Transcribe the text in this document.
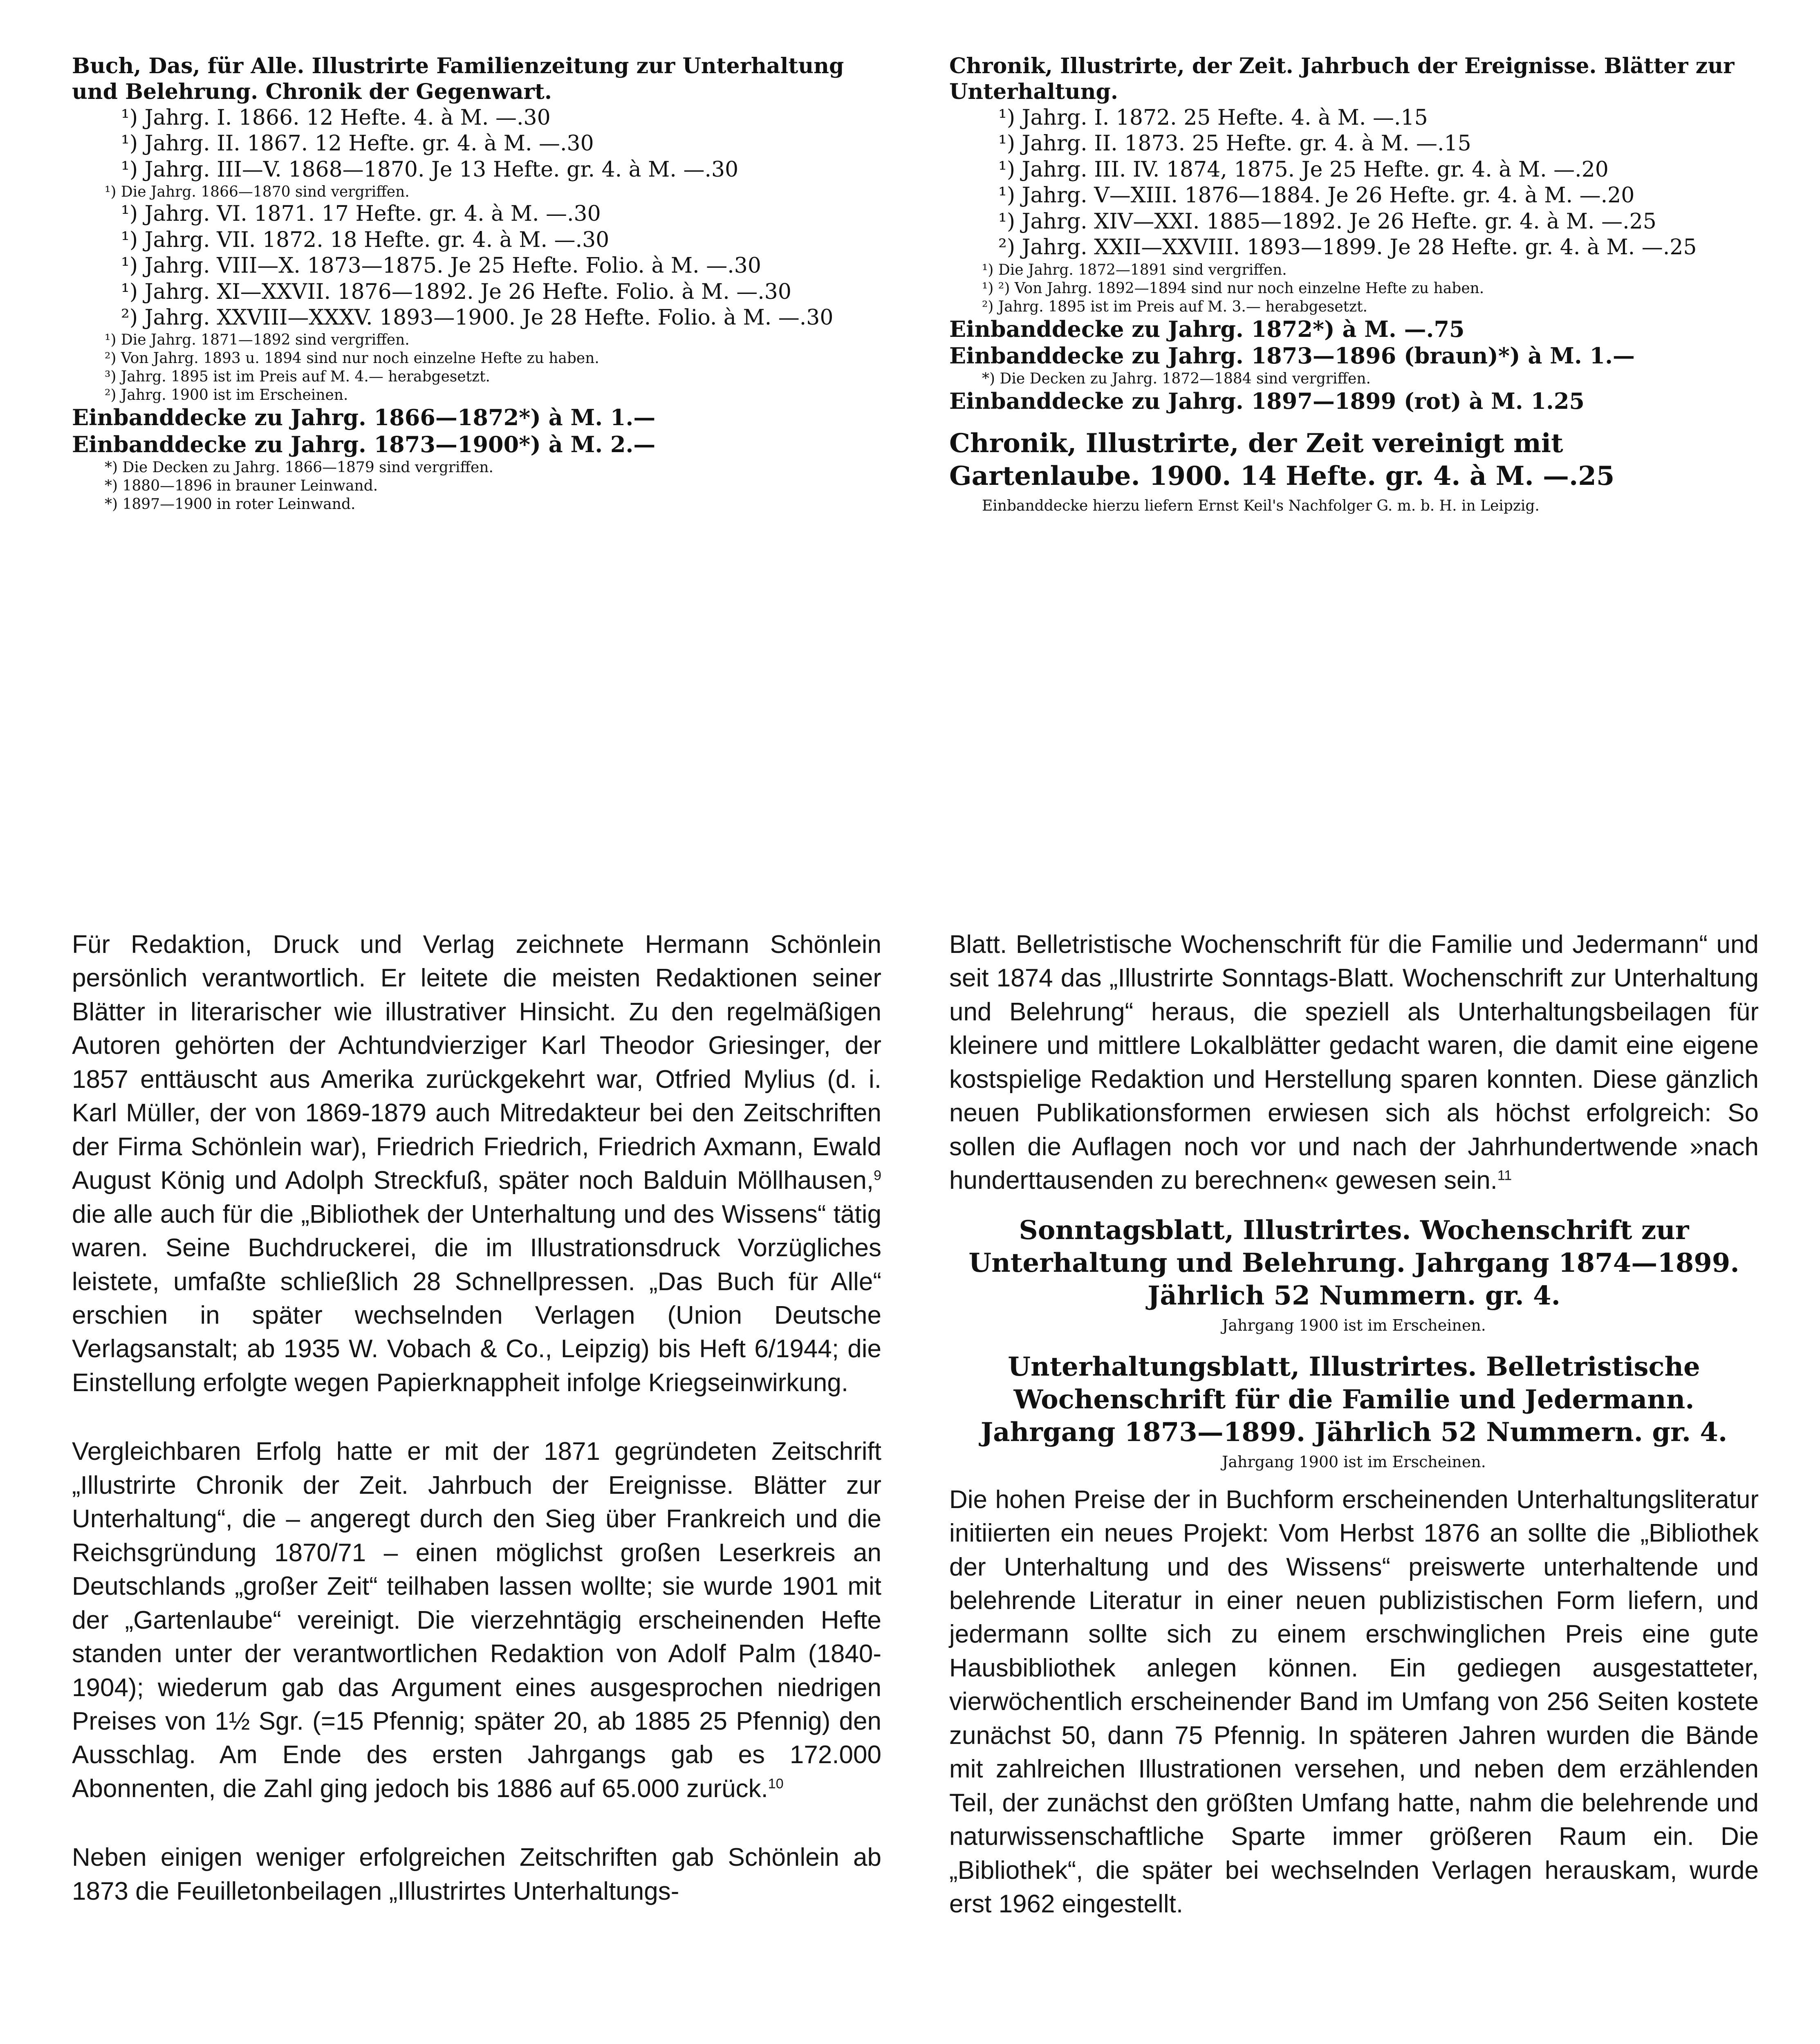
Buch, Das, für Alle. Illustrirte Familienzeitung zur Unterhaltung und Belehrung. Chronik der Gegenwart.

¹) Jahrg. I. 1866. 12 Hefte. 4. à M. —.30

¹) Jahrg. II. 1867. 12 Hefte. gr. 4. à M. —.30

¹) Jahrg. III—V. 1868—1870. Je 13 Hefte. gr. 4. à M. —.30

¹) Die Jahrg. 1866—1870 sind vergriffen.

¹) Jahrg. VI. 1871. 17 Hefte. gr. 4. à M. —.30

¹) Jahrg. VII. 1872. 18 Hefte. gr. 4. à M. —.30

¹) Jahrg. VIII—X. 1873—1875. Je 25 Hefte. Folio. à M. —.30

¹) Jahrg. XI—XXVII. 1876—1892. Je 26 Hefte. Folio. à M. —.30

²) Jahrg. XXVIII—XXXV. 1893—1900. Je 28 Hefte. Folio. à M. —.30

¹) Die Jahrg. 1871—1892 sind vergriffen.

²) Von Jahrg. 1893 u. 1894 sind nur noch einzelne Hefte zu haben.

³) Jahrg. 1895 ist im Preis auf M. 4.— herabgesetzt.

²) Jahrg. 1900 ist im Erscheinen.

Einbanddecke zu Jahrg. 1866—1872*) à M. 1.—

Einbanddecke zu Jahrg. 1873—1900*) à M. 2.—

*) Die Decken zu Jahrg. 1866—1879 sind vergriffen.

*) 1880—1896 in brauner Leinwand.

*) 1897—1900 in roter Leinwand.

Chronik, Illustrirte, der Zeit. Jahrbuch der Ereignisse. Blätter zur Unterhaltung.

¹) Jahrg. I. 1872. 25 Hefte. 4. à M. —.15

¹) Jahrg. II. 1873. 25 Hefte. gr. 4. à M. —.15

¹) Jahrg. III. IV. 1874, 1875. Je 25 Hefte. gr. 4. à M. —.20

¹) Jahrg. V—XIII. 1876—1884. Je 26 Hefte. gr. 4. à M. —.20

¹) Jahrg. XIV—XXI. 1885—1892. Je 26 Hefte. gr. 4. à M. —.25

²) Jahrg. XXII—XXVIII. 1893—1899. Je 28 Hefte. gr. 4. à M. —.25

¹) Die Jahrg. 1872—1891 sind vergriffen.

¹) ²) Von Jahrg. 1892—1894 sind nur noch einzelne Hefte zu haben.

²) Jahrg. 1895 ist im Preis auf M. 3.— herabgesetzt.

Einbanddecke zu Jahrg. 1872*) à M. —.75

Einbanddecke zu Jahrg. 1873—1896 (braun)*) à M. 1.—

*) Die Decken zu Jahrg. 1872—1884 sind vergriffen.

Einbanddecke zu Jahrg. 1897—1899 (rot) à M. 1.25

Chronik, Illustrirte, der Zeit vereinigt mit Gartenlaube. 1900. 14 Hefte. gr. 4. à M. —.25

Einbanddecke hierzu liefern Ernst Keil's Nachfolger G. m. b. H. in Leipzig.

Für Redaktion, Druck und Verlag zeichnete Hermann Schönlein persönlich verantwortlich. Er leitete die meisten Redaktionen seiner Blätter in literarischer wie illustrativer Hinsicht. Zu den regelmäßigen Autoren gehörten der Achtundvierziger Karl Theodor Griesinger, der 1857 enttäuscht aus Amerika zurückgekehrt war, Otfried Mylius (d. i. Karl Müller, der von 1869-1879 auch Mitredakteur bei den Zeitschriften der Firma Schönlein war), Friedrich Friedrich, Friedrich Axmann, Ewald August König und Adolph Streckfuß, später noch Balduin Möllhausen,$^9$ die alle auch für die „Bibliothek der Unterhaltung und des Wissens“ tätig waren. Seine Buchdruckerei, die im Illustrationsdruck Vorzügliches leistete, umfaßte schließlich 28 Schnellpressen. „Das Buch für Alle“ erschien in später wechselnden Verlagen (Union Deutsche Verlagsanstalt; ab 1935 W. Vobach & Co., Leipzig) bis Heft 6/1944; die Einstellung erfolgte wegen Papierknappheit infolge Kriegseinwirkung.

Vergleichbaren Erfolg hatte er mit der 1871 gegründeten Zeitschrift „Illustrirte Chronik der Zeit. Jahrbuch der Ereignisse. Blätter zur Unterhaltung“, die – angeregt durch den Sieg über Frankreich und die Reichsgründung 1870/71 – einen möglichst großen Leserkreis an Deutschlands „großer Zeit“ teilhaben lassen wollte; sie wurde 1901 mit der „Gartenlaube“ vereinigt. Die vierzehntägig erscheinenden Hefte standen unter der verantwortlichen Redaktion von Adolf Palm (1840-1904); wiederum gab das Argument eines ausgesprochen niedrigen Preises von 1½ Sgr. (=15 Pfennig; später 20, ab 1885 25 Pfennig) den Ausschlag. Am Ende des ersten Jahrgangs gab es 172.000 Abonnenten, die Zahl ging jedoch bis 1886 auf 65.000 zurück.$^{10}$

Neben einigen weniger erfolgreichen Zeitschriften gab Schönlein ab 1873 die Feuilletonbeilagen „Illustrirtes Unterhaltungs-

Blatt. Belletristische Wochenschrift für die Familie und Jedermann“ und seit 1874 das „Illustrirte Sonntags-Blatt. Wochenschrift zur Unterhaltung und Belehrung“ heraus, die speziell als Unterhaltungsbeilagen für kleinere und mittlere Lokalblätter gedacht waren, die damit eine eigene kostspielige Redaktion und Herstellung sparen konnten. Diese gänzlich neuen Publikationsformen erwiesen sich als höchst erfolgreich: So sollen die Auflagen noch vor und nach der Jahrhundertwende »nach hunderttausenden zu berechnen« gewesen sein.$^{11}$

Sonntagsblatt, Illustrirtes. Wochenschrift zur Unterhaltung und Belehrung. Jahrgang 1874—1899. Jährlich 52 Nummern. gr. 4.

Jahrgang 1900 ist im Erscheinen.

Unterhaltungsblatt, Illustrirtes. Belletristische Wochenschrift für die Familie und Jedermann. Jahrgang 1873—1899. Jährlich 52 Nummern. gr. 4.

Jahrgang 1900 ist im Erscheinen.

Die hohen Preise der in Buchform erscheinenden Unterhaltungsliteratur initiierten ein neues Projekt: Vom Herbst 1876 an sollte die „Bibliothek der Unterhaltung und des Wissens“ preiswerte unterhaltende und belehrende Literatur in einer neuen publizistischen Form liefern, und jedermann sollte sich zu einem erschwinglichen Preis eine gute Hausbibliothek anlegen können. Ein gediegen ausgestatteter, vierwöchentlich erscheinender Band im Umfang von 256 Seiten kostete zunächst 50, dann 75 Pfennig. In späteren Jahren wurden die Bände mit zahlreichen Illustrationen versehen, und neben dem erzählenden Teil, der zunächst den größten Umfang hatte, nahm die belehrende und naturwissenschaftliche Sparte immer größeren Raum ein. Die „Bibliothek“, die später bei wechselnden Verlagen herauskam, wurde erst 1962 eingestellt.
